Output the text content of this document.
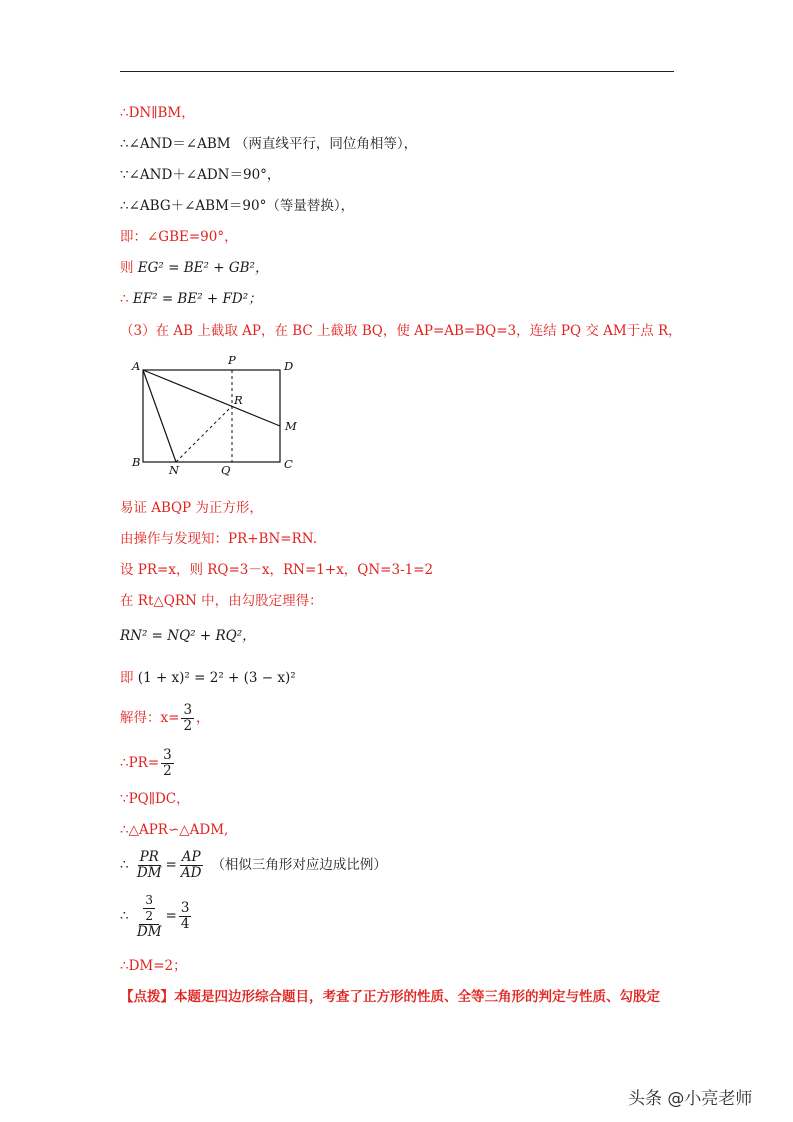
∴DN∥BM，
∴∠AND＝∠ABM （两直线平行，同位角相等），
∵∠AND＋∠ADN＝90°，
∴∠ABG＋∠ABM＝90°（等量替换），
即：∠GBE=90°，
则 EG² = BE² + GB²，
∴ EF² = BE² + FD²；
（3）在 AB 上截取 AP，在 BC 上截取 BQ，使 AP=AB=BQ=3，连结 PQ 交 AM于点 R，
A	P	D
R
M
B
N	Q	C
易证 ABQP 为正方形，
由操作与发现知：PR+BN=RN.
设 PR=x，则 RQ=3－x，RN=1+x，QN=3-1=2
在 Rt△QRN 中，由勾股定理得：
RN² = NQ² + RQ²，
即 (1 + x)² = 2² + (3 − x)²
解得：$x= \frac{3}{2}$ ，
∴PR= $\frac{3}{2}$
∵PQ∥DC，
∴△APR∽△ADM,
∴ $\frac{PR}{DM} = \frac{AP}{AD}$ （相似三角形对应边成比例）
∴ $\frac{\frac{3}{2}}{DM} = \frac{3}{4}$
∴DM=2；
【点拨】本题是四边形综合题目，考查了正方形的性质、全等三角形的判定与性质、勾股定
头条 @小亮老师
